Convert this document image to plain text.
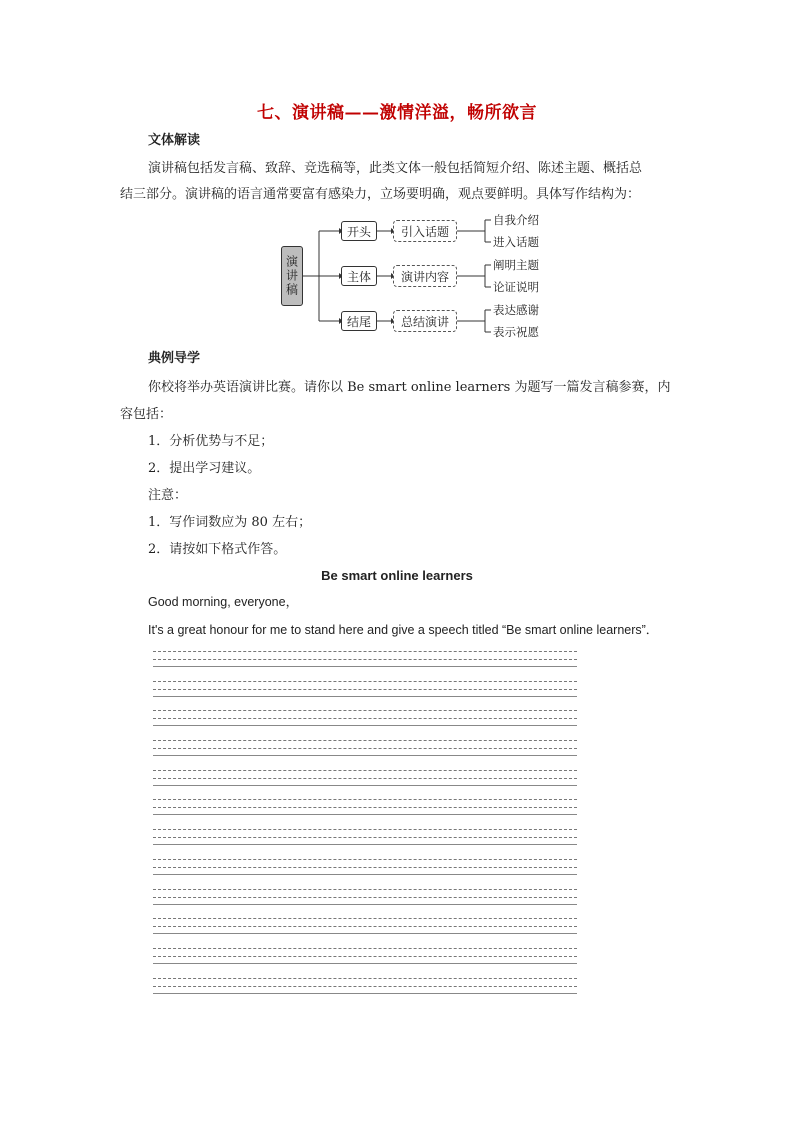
七、演讲稿——激情洋溢，畅所欲言
文体解读
演讲稿包括发言稿、致辞、竞选稿等，此类文体一般包括简短介绍、陈述主题、概括总
结三部分。演讲稿的语言通常要富有感染力，立场要明确，观点要鲜明。具体写作结构为：
演讲稿
开头
主体
结尾
引入话题
演讲内容
总结演讲
自我介绍
进入话题
阐明主题
论证说明
表达感谢
表示祝愿
典例导学
你校将举办英语演讲比赛。请你以 Be smart online learners 为题写一篇发言稿参赛，内
容包括：
1．分析优势与不足；
2．提出学习建议。
注意：
1．写作词数应为 80 左右；
2．请按如下格式作答。
Be smart online learners
Good morning, everyone，
It's a great honour for me to stand here and give a speech titled “Be smart online learners”．
